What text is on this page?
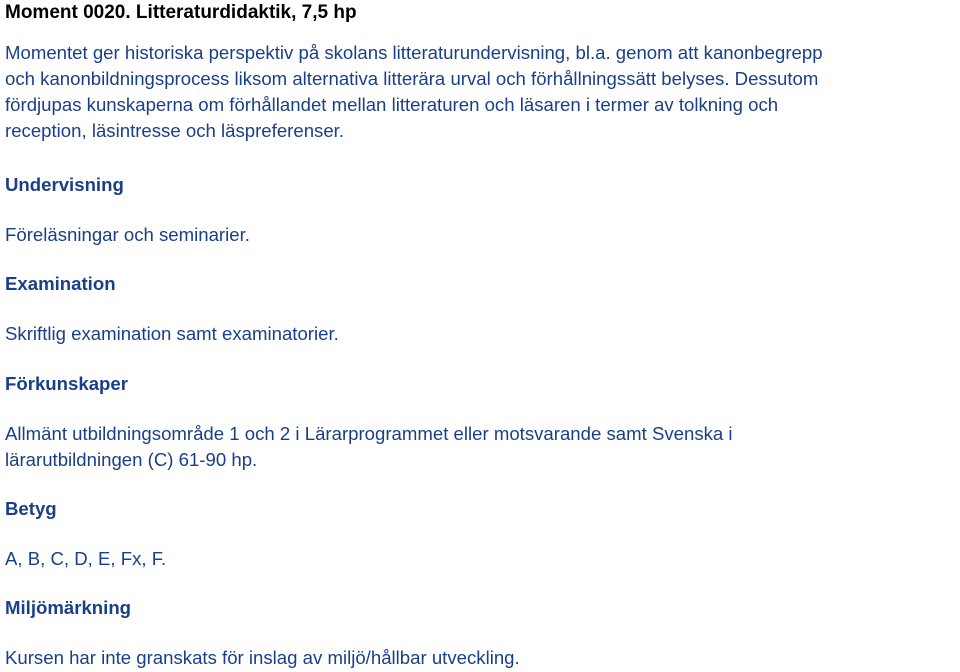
Moment 0020. Litteraturdidaktik, 7,5 hp
Momentet ger historiska perspektiv på skolans litteraturundervisning, bl.a. genom att kanonbegrepp
och kanonbildningsprocess liksom alternativa litterära urval och förhållningssätt belyses. Dessutom
fördjupas kunskaperna om förhållandet mellan litteraturen och läsaren i termer av tolkning och
reception, läsintresse och läspreferenser.
Undervisning

Föreläsningar och seminarier.

Examination

Skriftlig examination samt examinatorier.

Förkunskaper
Allmänt utbildningsområde 1 och 2 i Lärarprogrammet eller motsvarande samt Svenska i
lärarutbildningen (C) 61-90 hp.
Betyg

A, B, C, D, E, Fx, F.

Miljömärkning

Kursen har inte granskats för inslag av miljö/hållbar utveckling.
